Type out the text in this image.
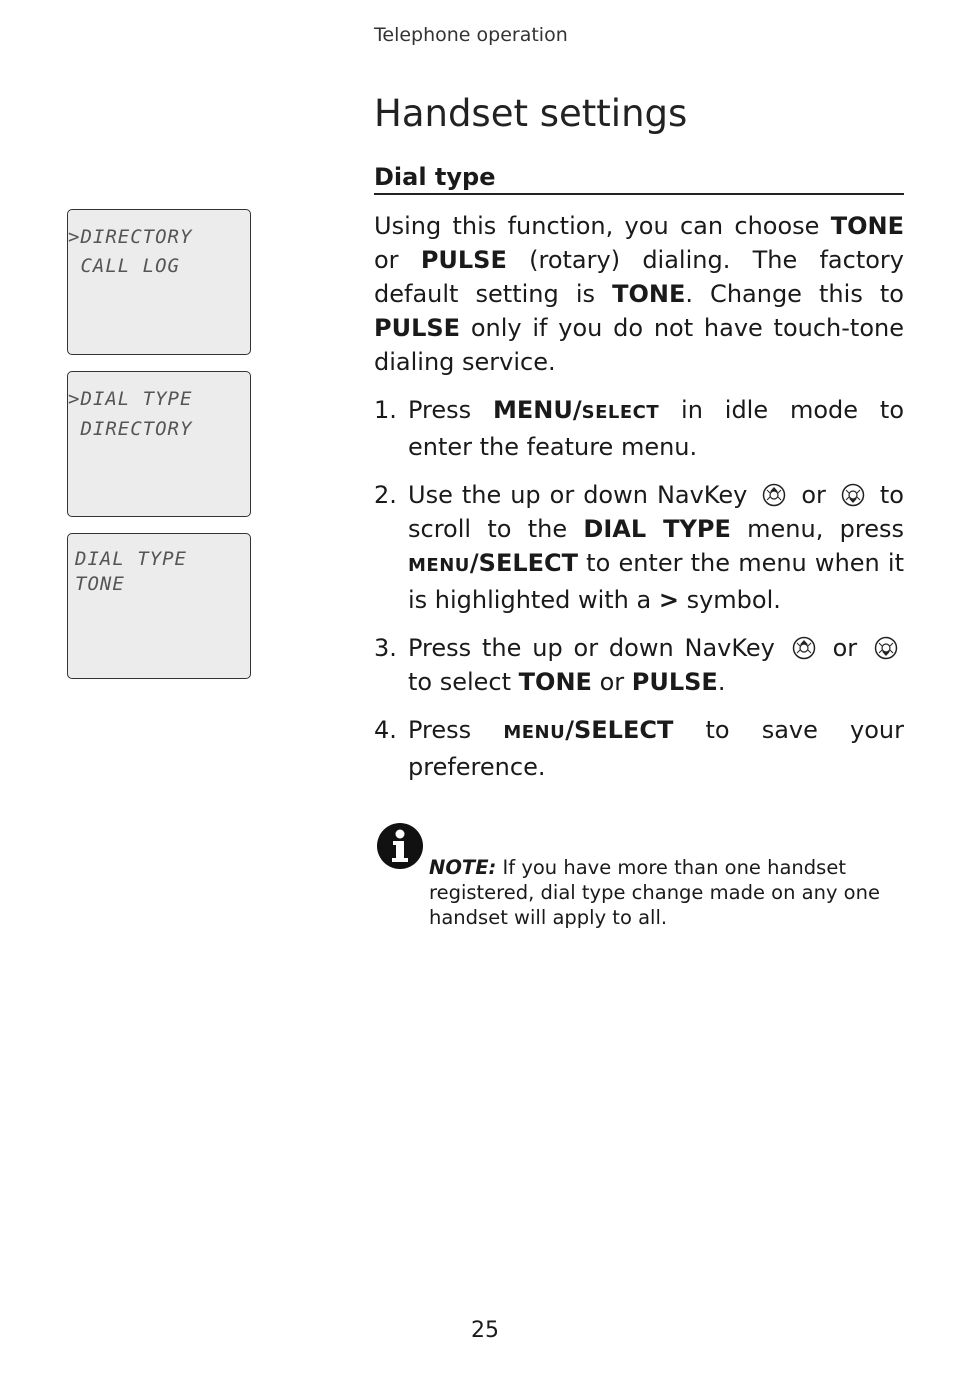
Telephone operation
Handset settings
Dial type
>DIRECTORY
CALL LOG
>DIAL TYPE
DIRECTORY
DIAL TYPE
TONE

Using this function, you can choose TONE or PULSE (rotary) dialing. The factory default setting is TONE. Change this to PULSE only if you do not have touch-tone dialing service.

1. Press MENU/SELECT in idle mode to enter the feature menu.
2. Use the up or down NavKey or to scroll to the DIAL TYPE menu, press MENU/SELECT to enter the menu when it is highlighted with a > symbol.
3. Press the up or down NavKey or  to select TONE or PULSE.
4. Press MENU/SELECT to save your preference.
NOTE: If you have more than one handset registered, dial type change made on any one handset will apply to all.
25
